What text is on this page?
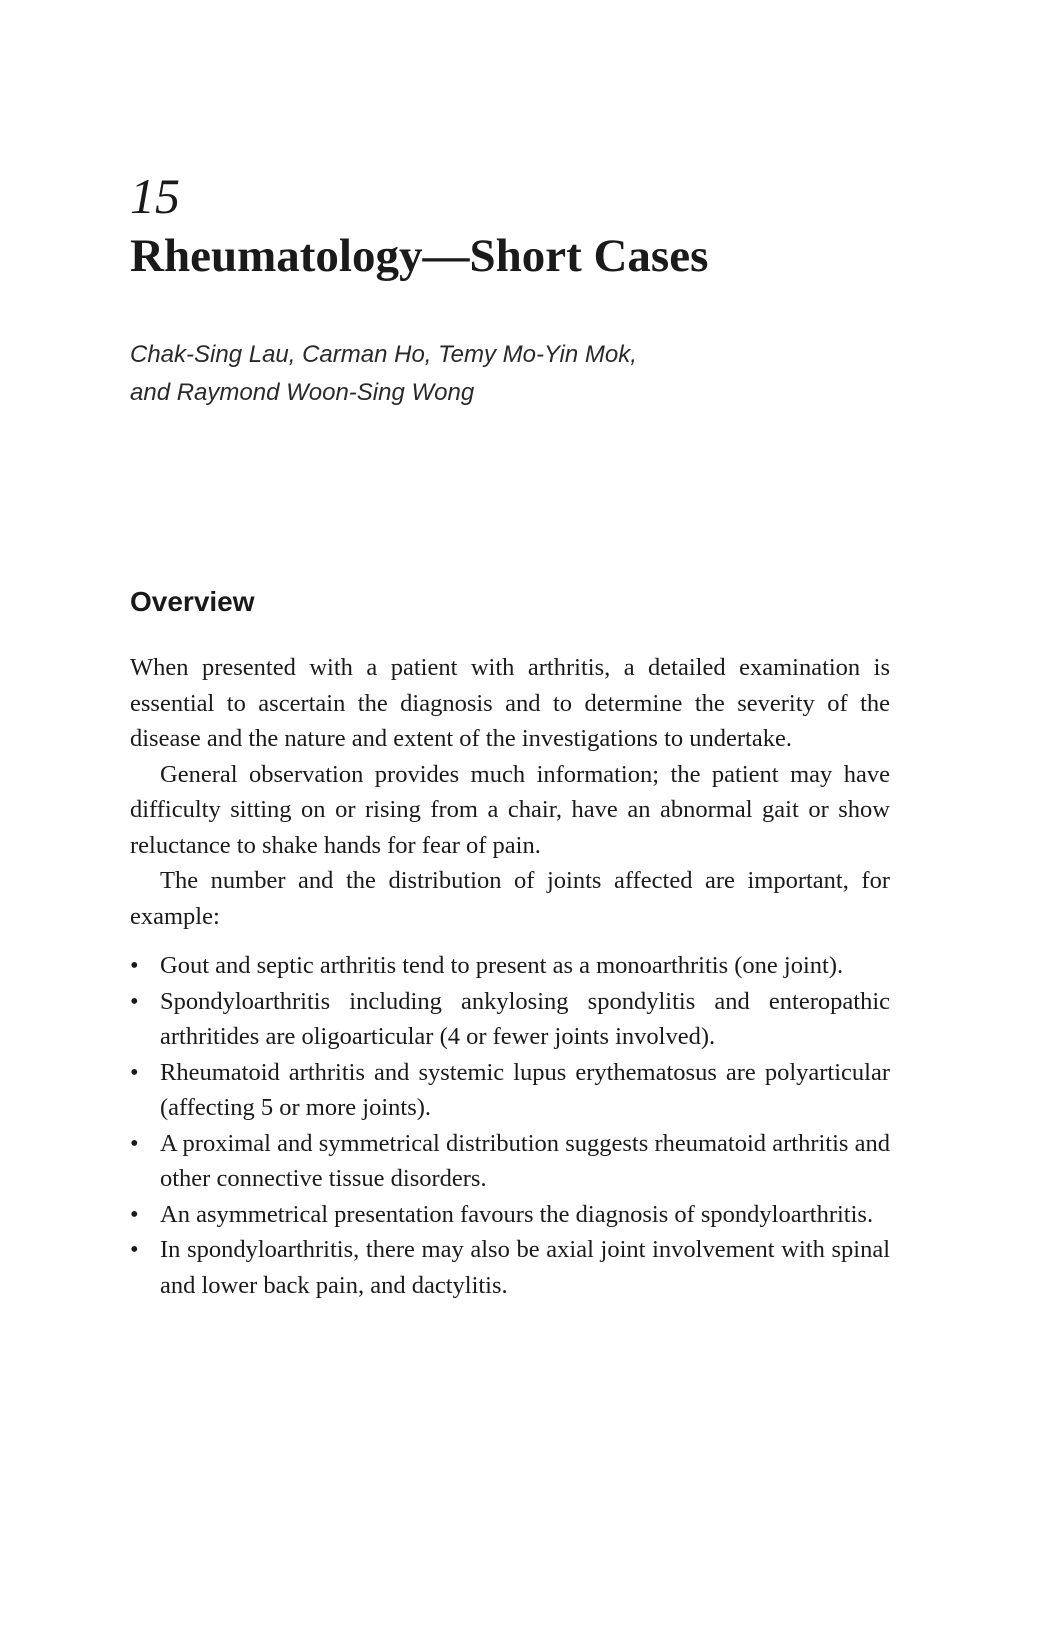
15
Rheumatology—Short Cases
Chak-Sing Lau, Carman Ho, Temy Mo-Yin Mok,
and Raymond Woon-Sing Wong
Overview

When presented with a patient with arthritis, a detailed examination is essential to ascertain the diagnosis and to determine the severity of the disease and the nature and extent of the investigations to undertake.

General observation provides much information; the patient may have difficulty sitting on or rising from a chair, have an abnormal gait or show reluctance to shake hands for fear of pain.

The number and the distribution of joints affected are important, for example:

• Gout and septic arthritis tend to present as a monoarthritis (one joint).
• Spondyloarthritis including ankylosing spondylitis and enteropathic arthritides are oligoarticular (4 or fewer joints involved).
• Rheumatoid arthritis and systemic lupus erythematosus are polyarticular (affecting 5 or more joints).
• A proximal and symmetrical distribution suggests rheumatoid arthritis and other connective tissue disorders.
• An asymmetrical presentation favours the diagnosis of spondyloarthritis.
• In spondyloarthritis, there may also be axial joint involvement with spinal and lower back pain, and dactylitis.
